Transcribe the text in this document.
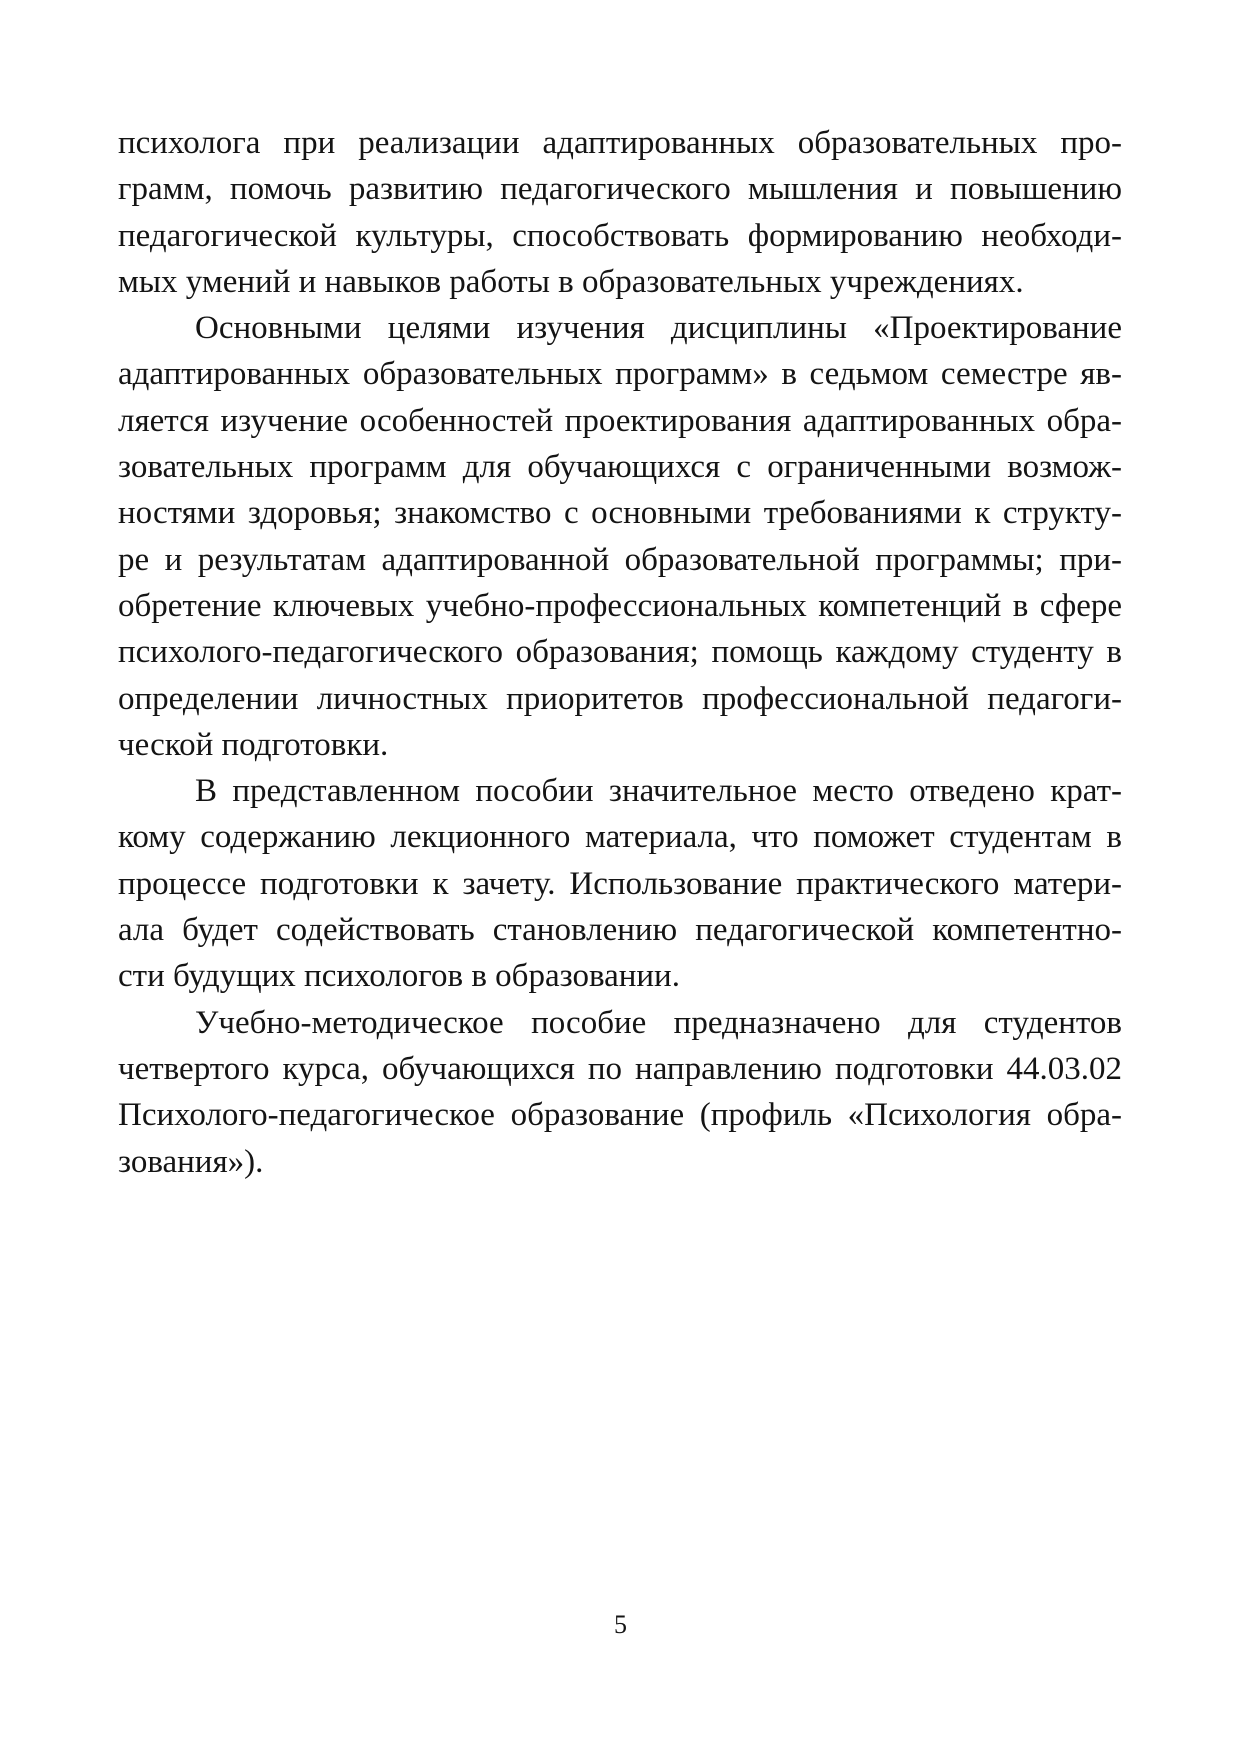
психолога при реализации адаптированных образовательных про-
грамм, помочь развитию педагогического мышления и повышению
педагогической культуры, способствовать формированию необходи-
мых умений и навыков работы в образовательных учреждениях.
Основными целями изучения дисциплины «Проектирование
адаптированных образовательных программ» в седьмом семестре яв-
ляется изучение особенностей проектирования адаптированных обра-
зовательных программ для обучающихся с ограниченными возмож-
ностями здоровья; знакомство с основными требованиями к структу-
ре и результатам адаптированной образовательной программы; при-
обретение ключевых учебно-профессиональных компетенций в сфере
психолого-педагогического образования; помощь каждому студенту в
определении личностных приоритетов профессиональной педагоги-
ческой подготовки.
В представленном пособии значительное место отведено крат-
кому содержанию лекционного материала, что поможет студентам в
процессе подготовки к зачету. Использование практического матери-
ала будет содействовать становлению педагогической компетентно-
сти будущих психологов в образовании.
Учебно-методическое пособие предназначено для студентов
четвертого курса, обучающихся по направлению подготовки 44.03.02
Психолого-педагогическое образование (профиль «Психология обра-
зования»).
5
